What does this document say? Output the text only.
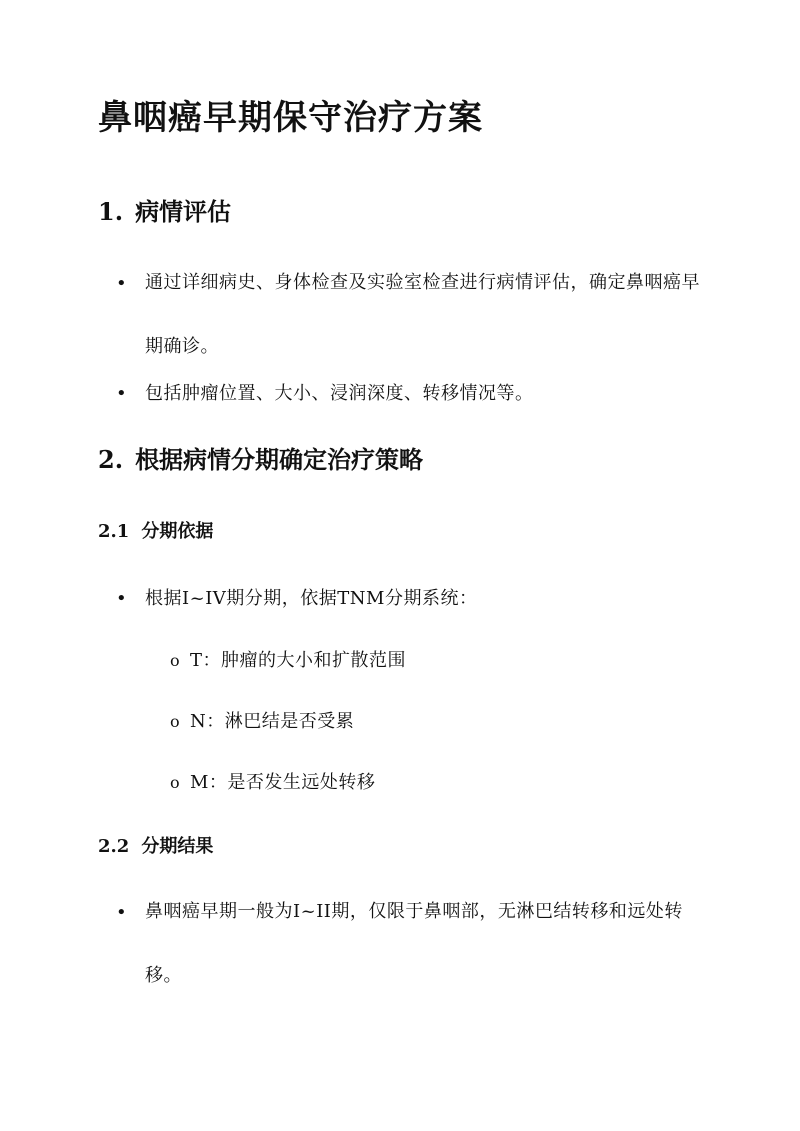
鼻咽癌早期保守治疗方案
1. 病情评估
• 通过详细病史、身体检查及实验室检查进行病情评估，确定鼻咽癌早期确诊。
• 包括肿瘤位置、大小、浸润深度、转移情况等。
2. 根据病情分期确定治疗策略
2.1 分期依据
• 根据I~IV期分期，依据TNM分期系统：
o T：肿瘤的大小和扩散范围
o N：淋巴结是否受累
o M：是否发生远处转移
2.2 分期结果
• 鼻咽癌早期一般为I~II期，仅限于鼻咽部，无淋巴结转移和远处转移。
